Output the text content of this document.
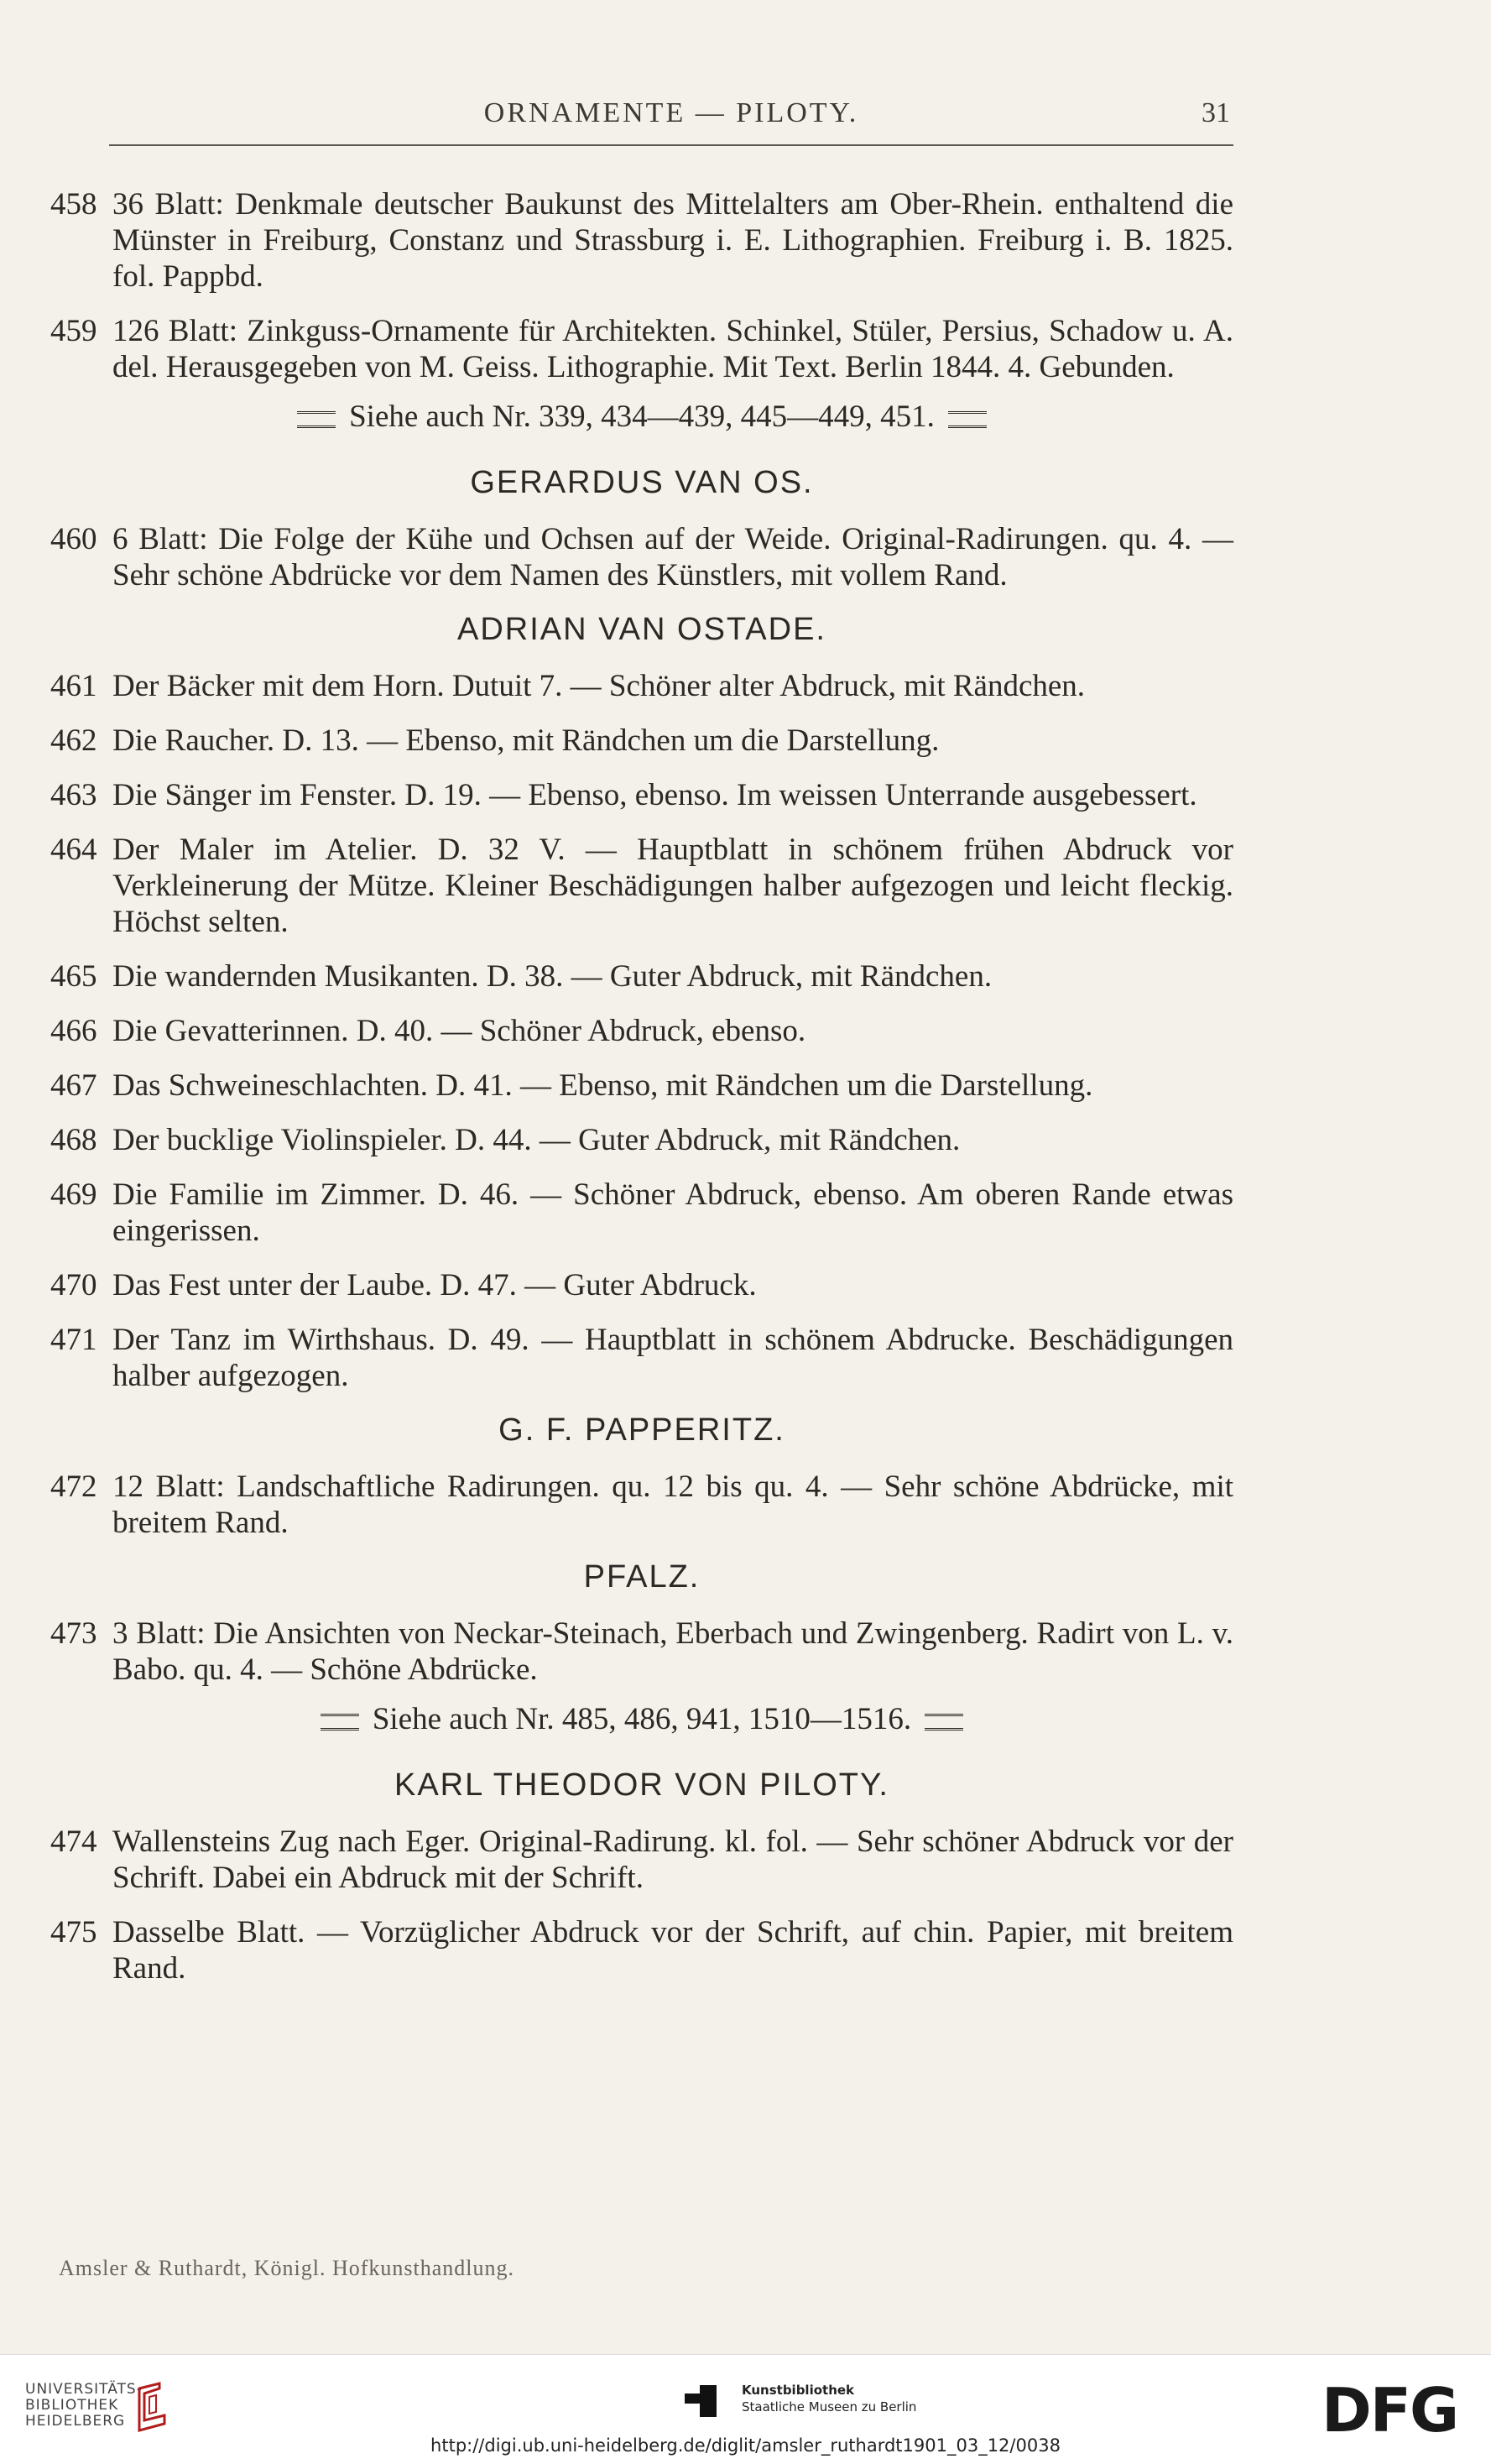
ORNAMENTE — PILOTY.	31
458 36 Blatt: Denkmale deutscher Baukunst des Mittelalters am Ober-Rhein. enthaltend die Münster in Freiburg, Constanz und Strassburg i. E. Lithographien. Freiburg i. B. 1825. fol. Pappbd.
459 126 Blatt: Zinkguss-Ornamente für Architekten. Schinkel, Stüler, Persius, Schadow u. A. del. Herausgegeben von M. Geiss. Lithographie. Mit Text. Berlin 1844. 4. Gebunden.
Siehe auch Nr. 339, 434—439, 445—449, 451.
GERARDUS VAN OS.
460 6 Blatt: Die Folge der Kühe und Ochsen auf der Weide. Original-Radirungen. qu. 4. — Sehr schöne Abdrücke vor dem Namen des Künstlers, mit vollem Rand.
ADRIAN VAN OSTADE.
461 Der Bäcker mit dem Horn. Dutuit 7. — Schöner alter Abdruck, mit Rändchen.
462 Die Raucher. D. 13. — Ebenso, mit Rändchen um die Darstellung.
463 Die Sänger im Fenster. D. 19. — Ebenso, ebenso. Im weissen Unterrande ausgebessert.
464 Der Maler im Atelier. D. 32 V. — Hauptblatt in schönem frühen Abdruck vor Verkleinerung der Mütze. Kleiner Beschädigungen halber aufgezogen und leicht fleckig. Höchst selten.
465 Die wandernden Musikanten. D. 38. — Guter Abdruck, mit Rändchen.
466 Die Gevatterinnen. D. 40. — Schöner Abdruck, ebenso.
467 Das Schweineschlachten. D. 41. — Ebenso, mit Rändchen um die Darstellung.
468 Der bucklige Violinspieler. D. 44. — Guter Abdruck, mit Rändchen.
469 Die Familie im Zimmer. D. 46. — Schöner Abdruck, ebenso. Am oberen Rande etwas eingerissen.
470 Das Fest unter der Laube. D. 47. — Guter Abdruck.
471 Der Tanz im Wirthshaus. D. 49. — Hauptblatt in schönem Abdrucke. Beschädigungen halber aufgezogen.
G. F. PAPPERITZ.
472 12 Blatt: Landschaftliche Radirungen. qu. 12 bis qu. 4. — Sehr schöne Abdrücke, mit breitem Rand.
PFALZ.
473 3 Blatt: Die Ansichten von Neckar-Steinach, Eberbach und Zwingenberg. Radirt von L. v. Babo. qu. 4. — Schöne Abdrücke.
Siehe auch Nr. 485, 486, 941, 1510—1516.
KARL THEODOR VON PILOTY.
474 Wallensteins Zug nach Eger. Original-Radirung. kl. fol. — Sehr schöner Abdruck vor der Schrift. Dabei ein Abdruck mit der Schrift.
475 Dasselbe Blatt. — Vorzüglicher Abdruck vor der Schrift, auf chin. Papier, mit breitem Rand.
Amsler & Ruthardt, Königl. Hofkunsthandlung.
UNIVERSITÄTS-
BIBLIOTHEK
HEIDELBERG
Kunstbibliothek
Staatliche Museen zu Berlin	DFG
http://digi.ub.uni-heidelberg.de/diglit/amsler_ruthardt1901_03_12/0038
